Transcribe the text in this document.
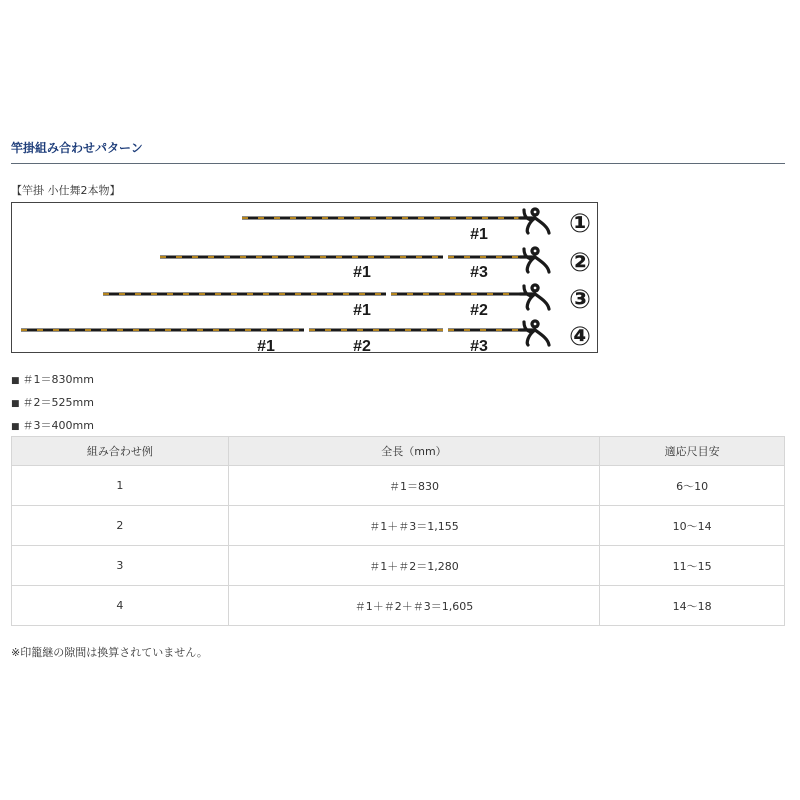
竿掛組み合わせパターン
【竿掛 小仕舞2本物】
#1	①
#1	#3	②
#1	#2	③
#1	#2	#3	④
■ ＃1＝830mm
■ ＃2＝525mm
■ ＃3＝400mm
組み合わせ例	全長（mm）	適応尺目安
1	＃1＝830	6〜10
2	＃1＋＃3＝1,155	10〜14
3	＃1＋＃2＝1,280	11〜15
4	＃1＋＃2＋＃3＝1,605	14〜18
※印籠継の隙間は換算されていません。
